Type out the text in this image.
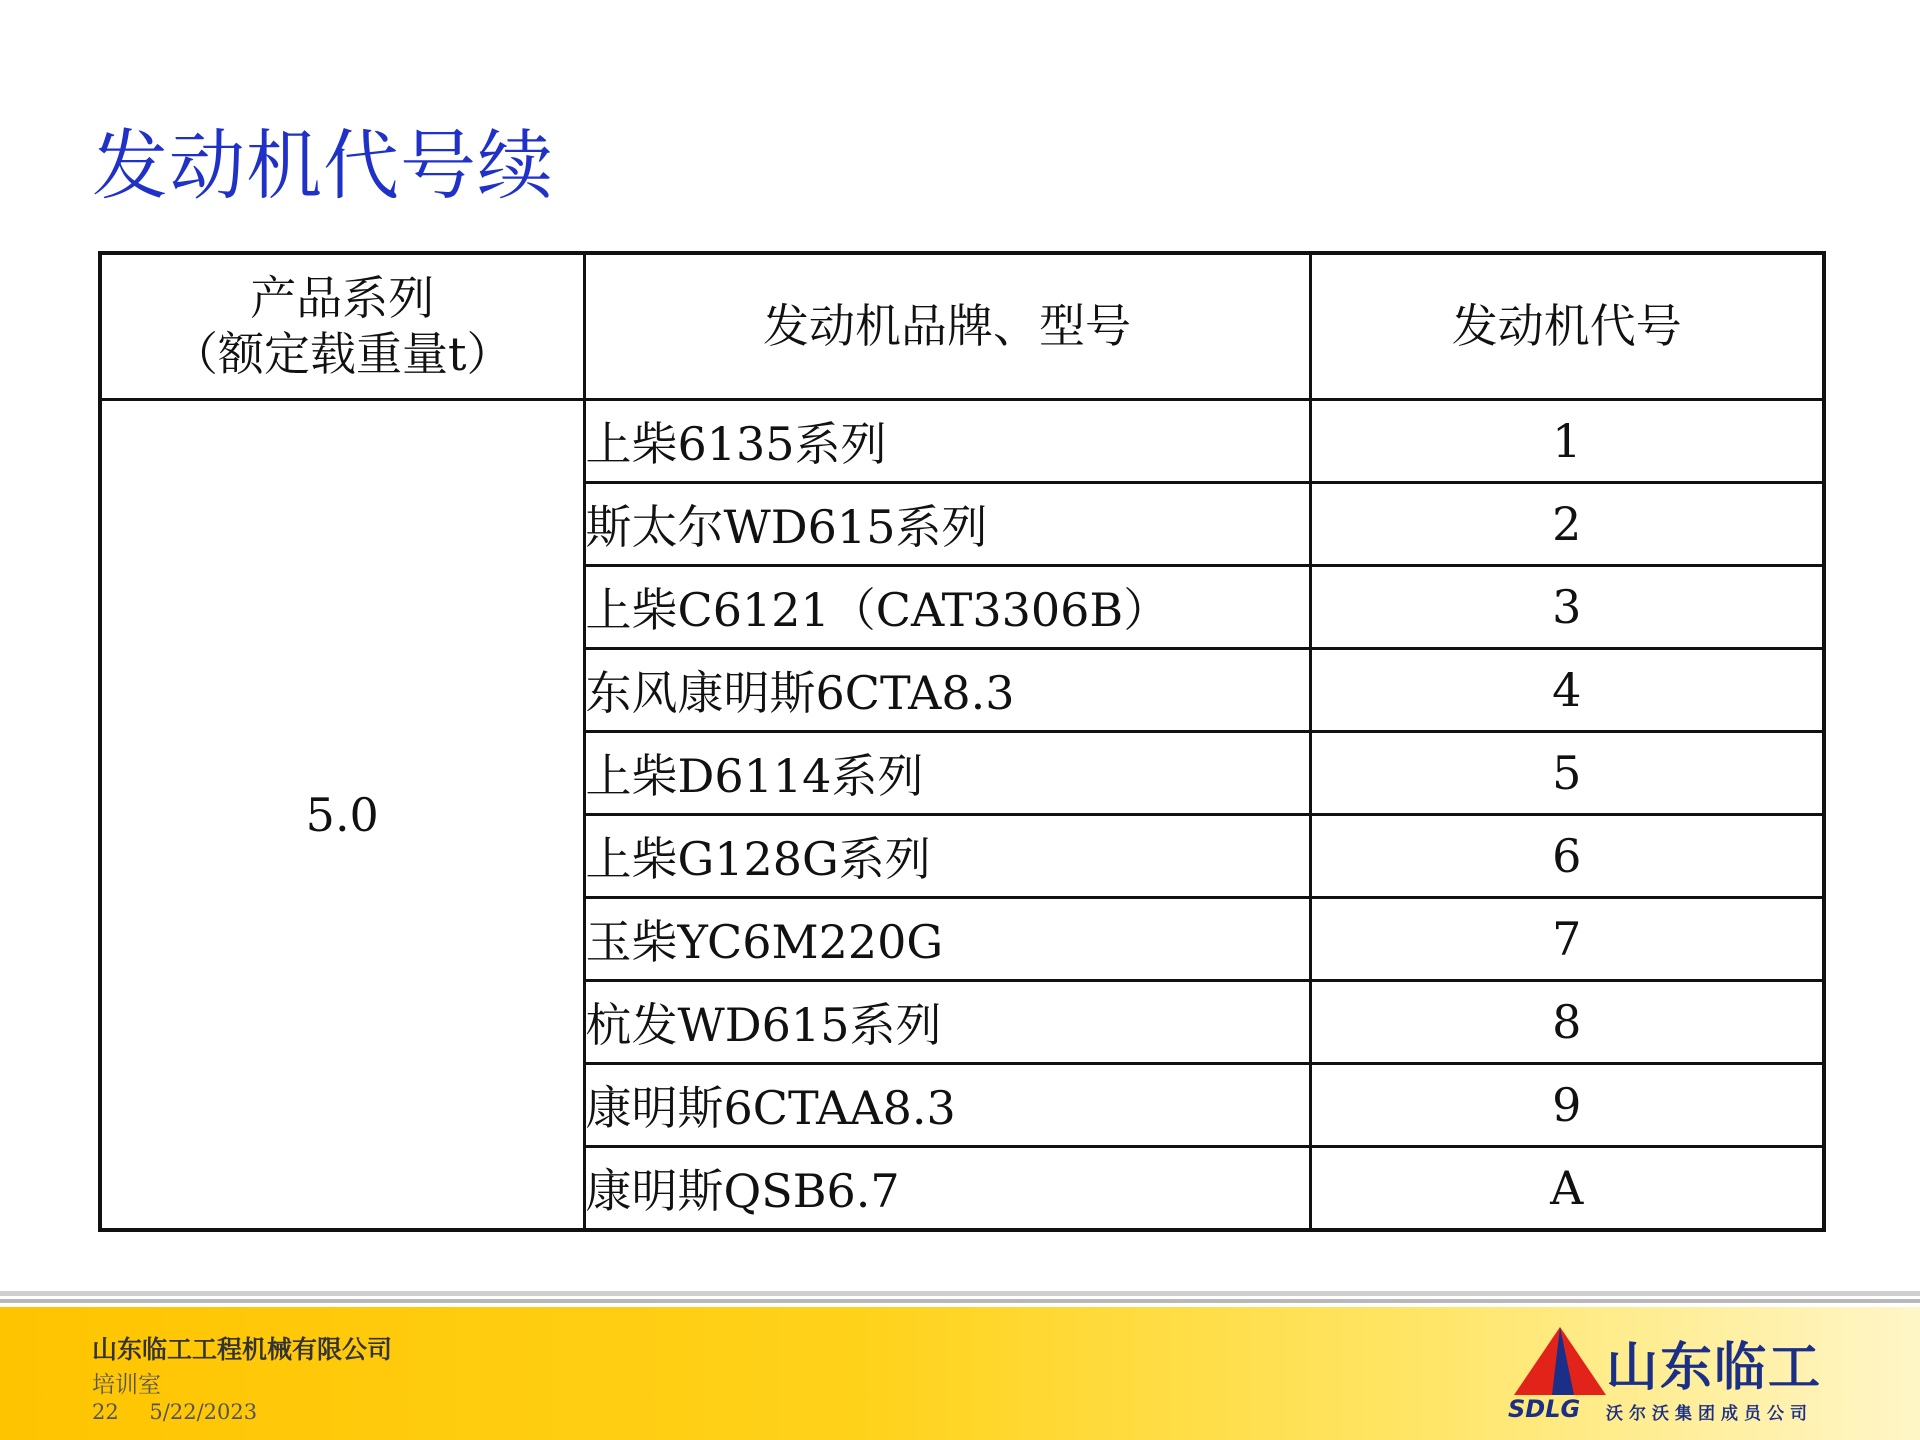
发动机代号续
产品系列
（额定载重量t）	发动机品牌、型号	发动机代号
5.0	上柴6135系列	1
	斯太尔WD615系列	2
	上柴C6121（CAT3306B）	3
	东风康明斯6CTA8.3	4
	上柴D6114系列	5
	上柴G128G系列	6
	玉柴YC6M220G	7
	杭发WD615系列	8
	康明斯6CTAA8.3	9
	康明斯QSB6.7	A
山东临工工程机械有限公司
培训室
22 5/22/2023
山东临工
SDLG 沃尔沃集团成员公司
